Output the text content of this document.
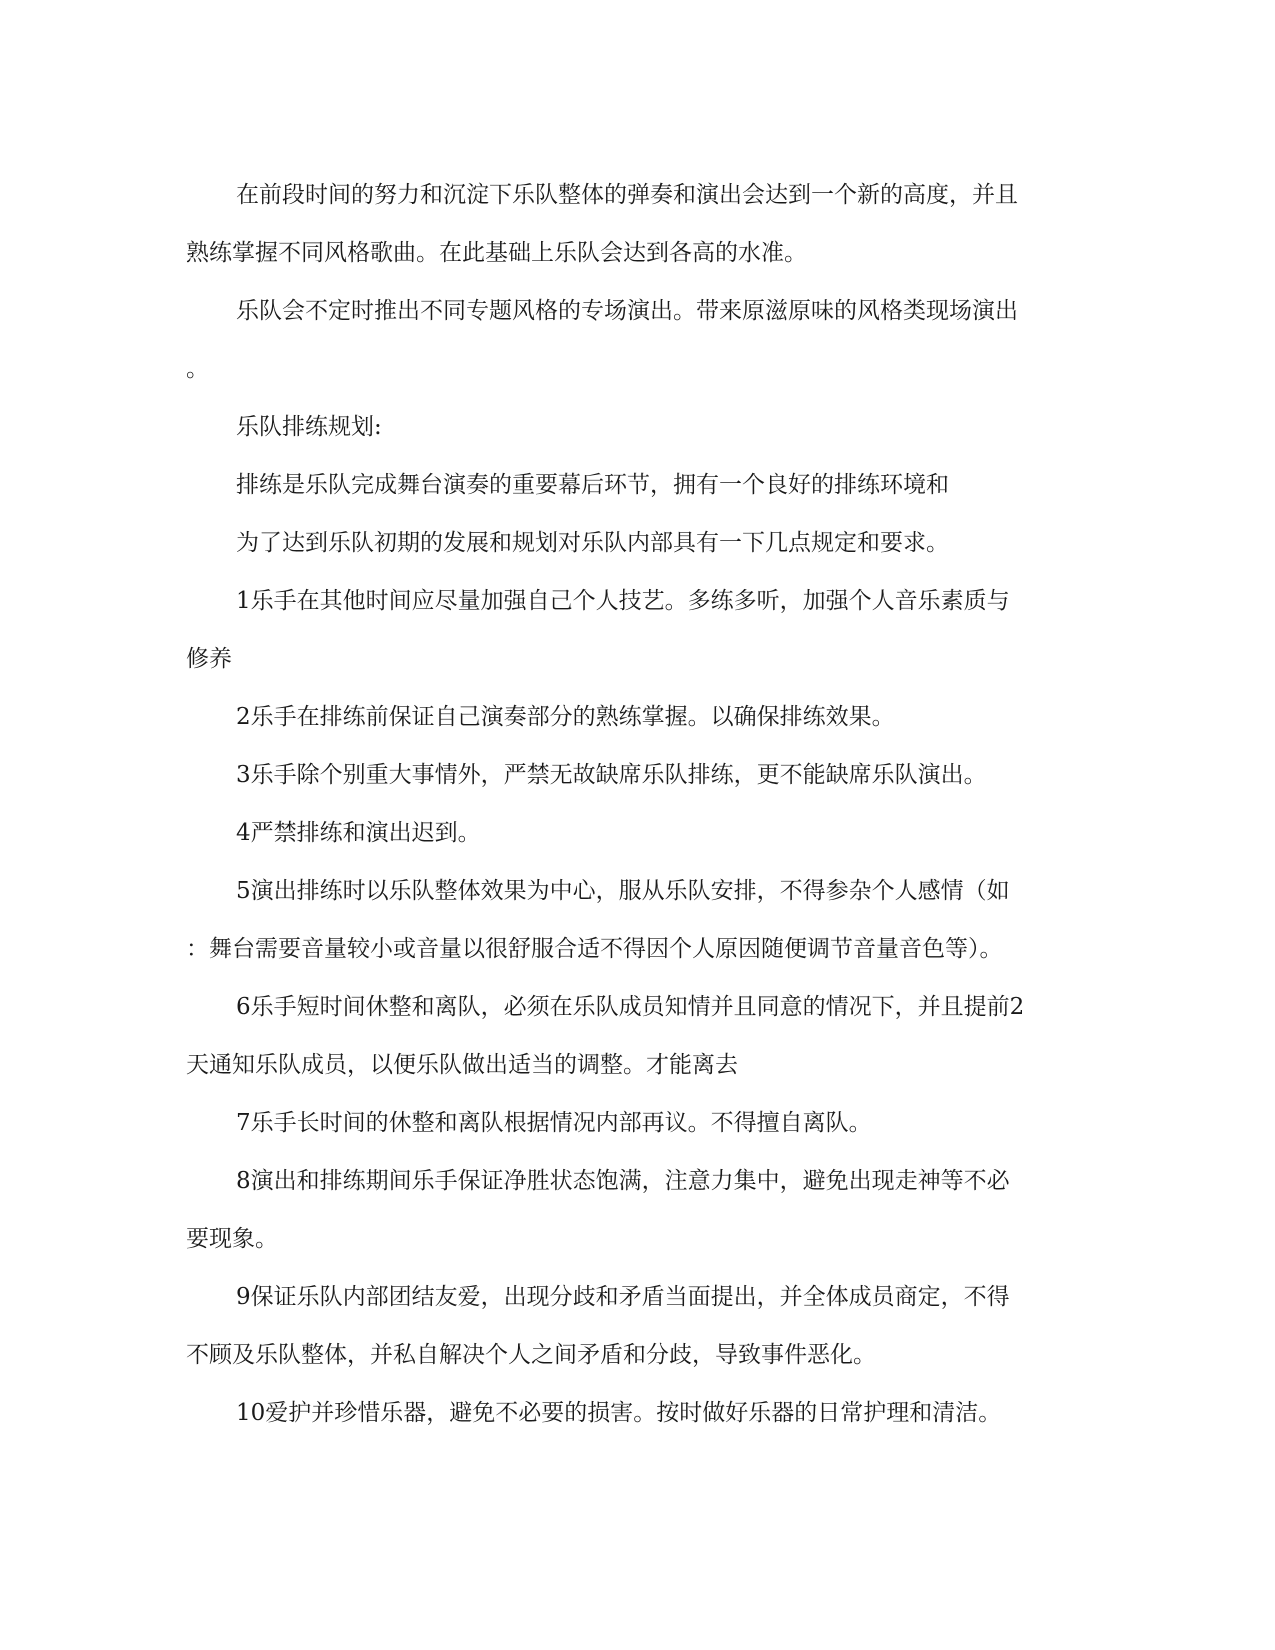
在前段时间的努力和沉淀下乐队整体的弹奏和演出会达到一个新的高度，并且
熟练掌握不同风格歌曲。在此基础上乐队会达到各高的水准。
乐队会不定时推出不同专题风格的专场演出。带来原滋原味的风格类现场演出
。
乐队排练规划:
排练是乐队完成舞台演奏的重要幕后环节，拥有一个良好的排练环境和
为了达到乐队初期的发展和规划对乐队内部具有一下几点规定和要求。
1乐手在其他时间应尽量加强自己个人技艺。多练多听，加强个人音乐素质与
修养
2乐手在排练前保证自己演奏部分的熟练掌握。以确保排练效果。
3乐手除个别重大事情外，严禁无故缺席乐队排练，更不能缺席乐队演出。
4严禁排练和演出迟到。
5演出排练时以乐队整体效果为中心，服从乐队安排，不得参杂个人感情（如
：舞台需要音量较小或音量以很舒服合适不得因个人原因随便调节音量音色等）。
6乐手短时间休整和离队，必须在乐队成员知情并且同意的情况下，并且提前2
天通知乐队成员，以便乐队做出适当的调整。才能离去
7乐手长时间的休整和离队根据情况内部再议。不得擅自离队。
8演出和排练期间乐手保证净胜状态饱满，注意力集中，避免出现走神等不必
要现象。
9保证乐队内部团结友爱，出现分歧和矛盾当面提出，并全体成员商定，不得
不顾及乐队整体，并私自解决个人之间矛盾和分歧，导致事件恶化。
10爱护并珍惜乐器，避免不必要的损害。按时做好乐器的日常护理和清洁。
